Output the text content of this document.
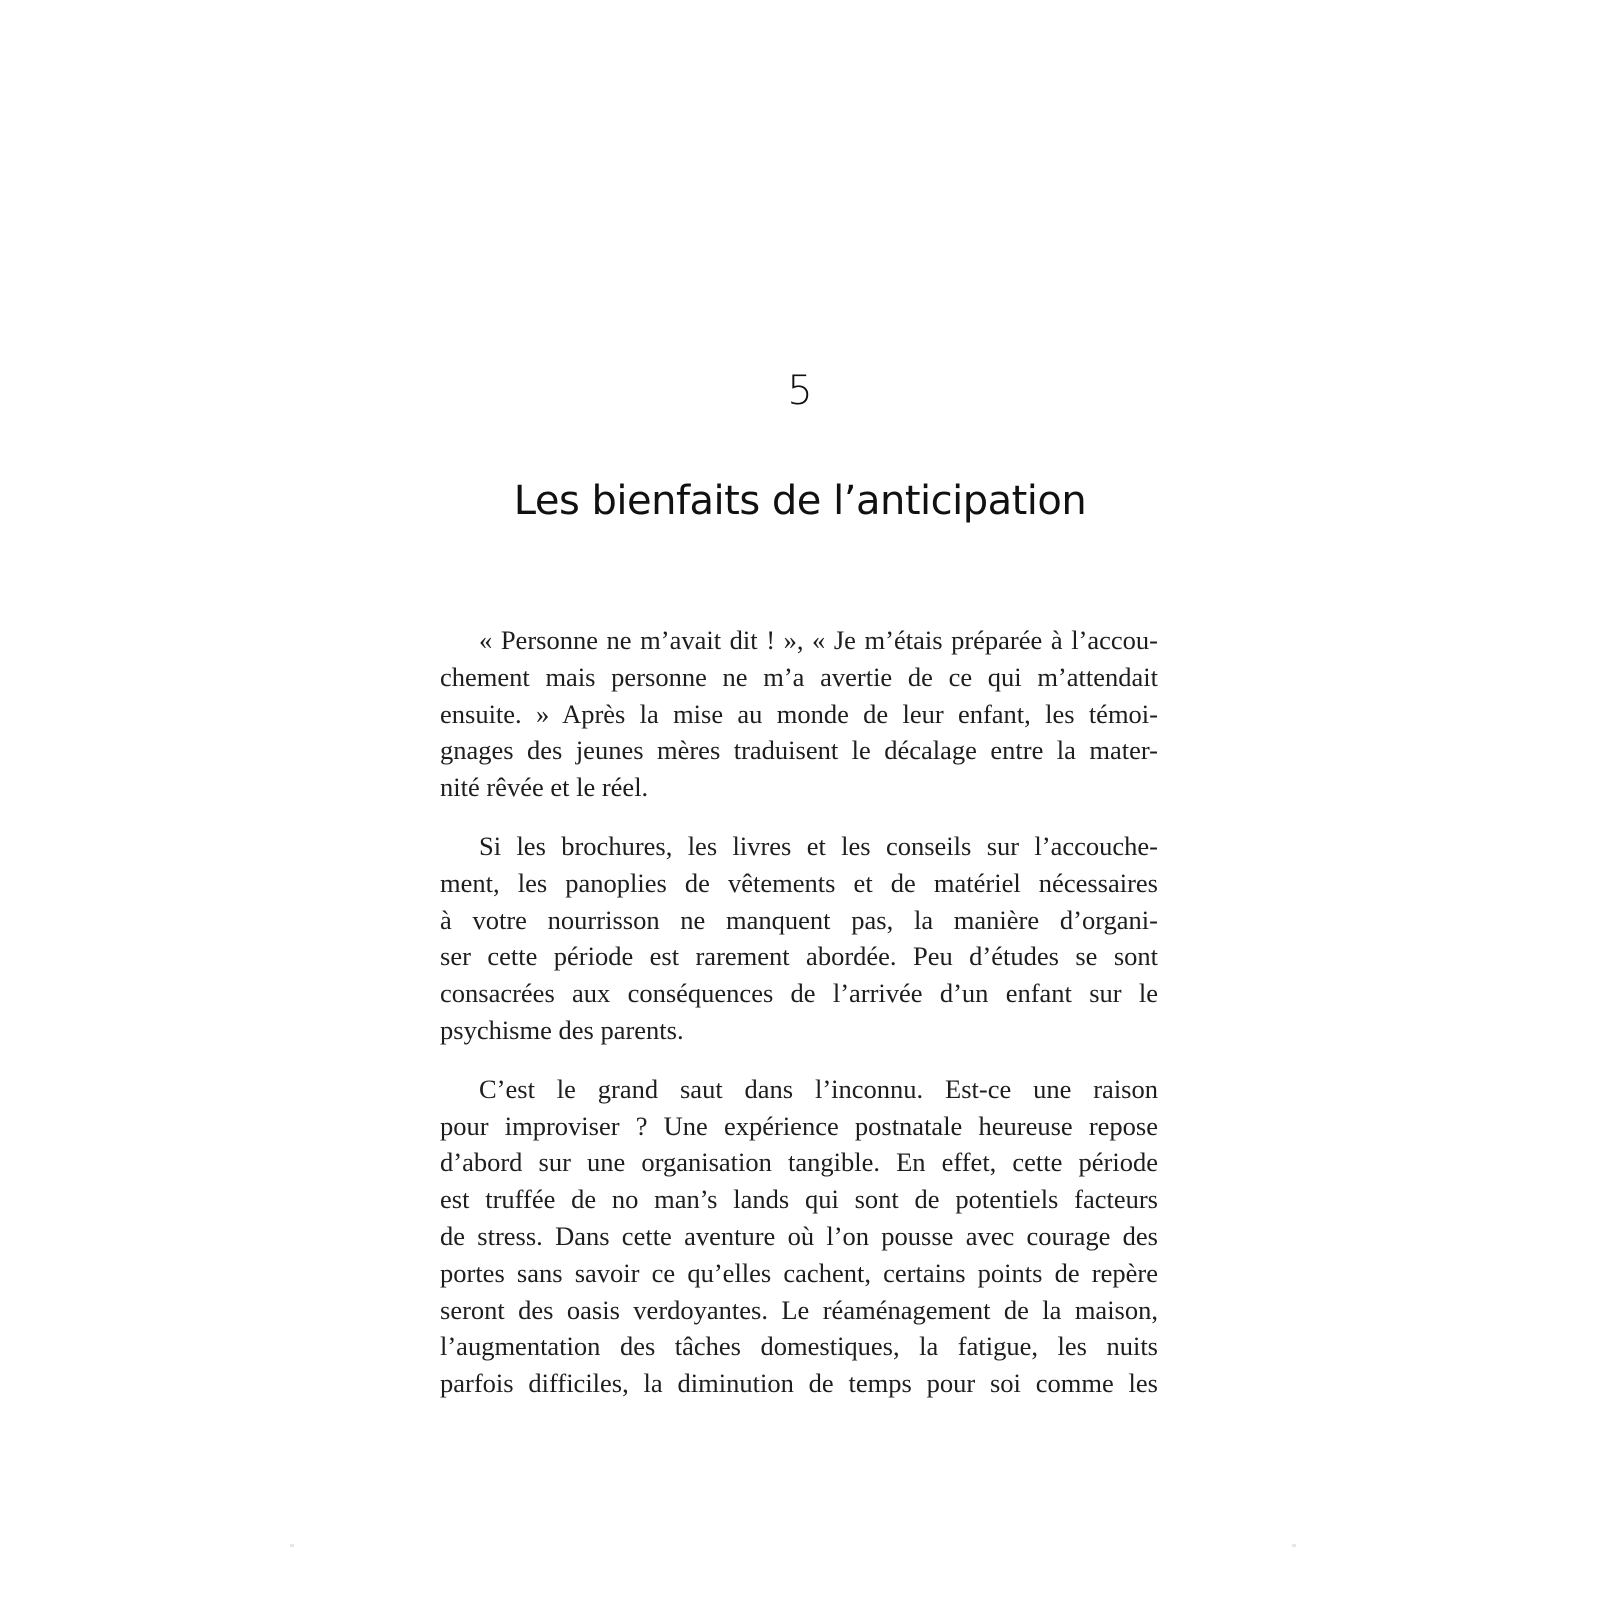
5
Les bienfaits de l’anticipation

« Personne ne m’avait dit ! », « Je m’étais préparée à l’accou-
chement mais personne ne m’a avertie de ce qui m’attendait
ensuite. » Après la mise au monde de leur enfant, les témoi-
gnages des jeunes mères traduisent le décalage entre la mater-
nité rêvée et le réel.

Si les brochures, les livres et les conseils sur l’accouche-
ment, les panoplies de vêtements et de matériel nécessaires
à votre nourrisson ne manquent pas, la manière d’organi-
ser cette période est rarement abordée. Peu d’études se sont
consacrées aux conséquences de l’arrivée d’un enfant sur le
psychisme des parents.

C’est le grand saut dans l’inconnu. Est-ce une raison
pour improviser ? Une expérience postnatale heureuse repose
d’abord sur une organisation tangible. En effet, cette période
est truffée de no man’s lands qui sont de potentiels facteurs
de stress. Dans cette aventure où l’on pousse avec courage des
portes sans savoir ce qu’elles cachent, certains points de repère
seront des oasis verdoyantes. Le réaménagement de la maison,
l’augmentation des tâches domestiques, la fatigue, les nuits
parfois difficiles, la diminution de temps pour soi comme les
